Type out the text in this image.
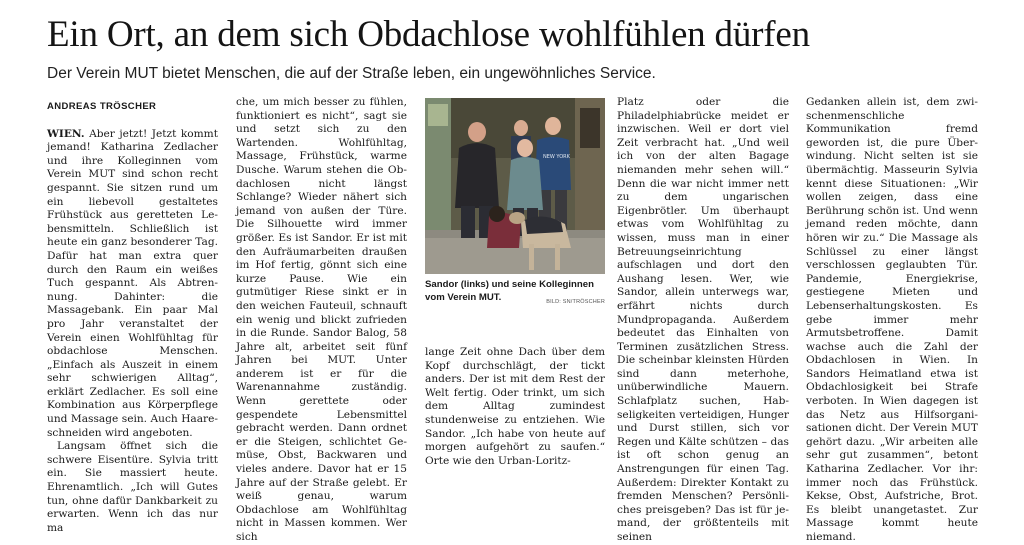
Ein Ort, an dem sich Obdachlose wohlfühlen dürfen

Der Verein MUT bietet Menschen, die auf der Straße leben, ein ungewöhnliches Service.

ANDREAS TRÖSCHER

WIEN. Aber jetzt! Jetzt kommt jemand! Katharina Zedlacher und ihre Kolleginnen vom Verein MUT sind schon recht gespannt. Sie sitzen rund um ein liebevoll gestaltetes Frühstück aus geretteten Lebensmitteln. Schließlich ist heute ein ganz besonderer Tag. Dafür hat man extra quer durch den Raum ein weißes Tuch gespannt. Als Abtrennung. Dahinter: die Massagebank. Ein paar Mal pro Jahr veranstaltet der Verein einen Wohlfühltag für obdachlose Menschen. „Einfach als Auszeit in einem sehr schwierigen Alltag“, erklärt Zedlacher. Es soll eine Kombination aus Körperpflege und Massage sein. Auch Haareschneiden wird angeboten.

Langsam öffnet sich die schwere Eisentüre. Sylvia tritt ein. Sie massiert heute. Ehrenamtlich. „Ich will Gutes tun, ohne dafür Dankbarkeit zu erwarten. Wenn ich das nur ma

che, um mich besser zu fühlen, funktioniert es nicht“, sagt sie und setzt sich zu den Wartenden. Wohlfühltag, Massage, Frühstück, warme Dusche. Warum stehen die Obdachlosen nicht längst Schlange? Wieder nähert sich jemand von außen der Türe. Die Silhouette wird immer größer. Es ist Sandor. Er ist mit den Aufräumarbeiten draußen im Hof fertig, gönnt sich eine kurze Pause. Wie ein gutmütiger Riese sinkt er in den weichen Fauteuil, schnauft ein wenig und blickt zufrieden in die Runde. Sandor Balog, 58 Jahre alt, arbeitet seit fünf Jahren bei MUT. Unter anderem ist er für die Warenannahme zuständig. Wenn gerettete oder gespendete Lebensmittel gebracht werden. Dann ordnet er die Steigen, schlichtet Gemüse, Obst, Backwaren und vieles andere. Davor hat er 15 Jahre auf der Straße gelebt. Er weiß genau, warum Obdachlose am Wohlfühltag nicht in Massen kommen. Wer sich

NEW YORK
Sandor (links) und seine Kolleginnen vom Verein MUT.	BILD: SN/TRÖSCHER

lange Zeit ohne Dach über dem Kopf durchschlägt, der tickt anders. Der ist mit dem Rest der Welt fertig. Oder trinkt, um sich dem Alltag zumindest stundenweise zu entziehen. Wie Sandor. „Ich habe von heute auf morgen aufgehört zu saufen.“ Orte wie den Urban-Loritz-

Platz oder die Philadelphiabrücke meidet er inzwischen. Weil er dort viel Zeit verbracht hat. „Und weil ich von der alten Bagage niemanden mehr sehen will.“ Denn die war nicht immer nett zu dem ungarischen Eigenbrötler. Um überhaupt etwas vom Wohlfühltag zu wissen, muss man in einer Betreuungseinrichtung aufschlagen und dort den Aushang lesen. Wer, wie Sandor, allein unterwegs war, erfährt nichts durch Mundpropaganda. Außerdem bedeutet das Einhalten von Terminen zusätzlichen Stress. Die scheinbar kleinsten Hürden sind dann meterhohe, unüberwindliche Mauern. Schlafplatz suchen, Habseligkeiten verteidigen, Hunger und Durst stillen, sich vor Regen und Kälte schützen – das ist oft schon genug an Anstrengungen für einen Tag. Außerdem: Direkter Kontakt zu fremden Menschen? Persönliches preisgeben? Das ist für jemand, der größtenteils mit seinen

Gedanken allein ist, dem zwischenmenschliche Kommunikation fremd geworden ist, die pure Überwindung. Nicht selten ist sie übermächtig. Masseurin Sylvia kennt diese Situationen: „Wir wollen zeigen, dass eine Berührung schön ist. Und wenn jemand reden möchte, dann hören wir zu.“ Die Massage als Schlüssel zu einer längst verschlossen geglaubten Tür. Pandemie, Energiekrise, gestiegene Mieten und Lebenserhaltungskosten. Es gebe immer mehr Armutsbetroffene. Damit wachse auch die Zahl der Obdachlosen in Wien. In Sandors Heimatland etwa ist Obdachlosigkeit bei Strafe verboten. In Wien dagegen ist das Netz aus Hilfsorganisationen dicht. Der Verein MUT gehört dazu. „Wir arbeiten alle sehr gut zusammen“, betont Katharina Zedlacher. Vor ihr: immer noch das Frühstück. Kekse, Obst, Aufstriche, Brot. Es bleibt unangetastet. Zur Massage kommt heute niemand.
